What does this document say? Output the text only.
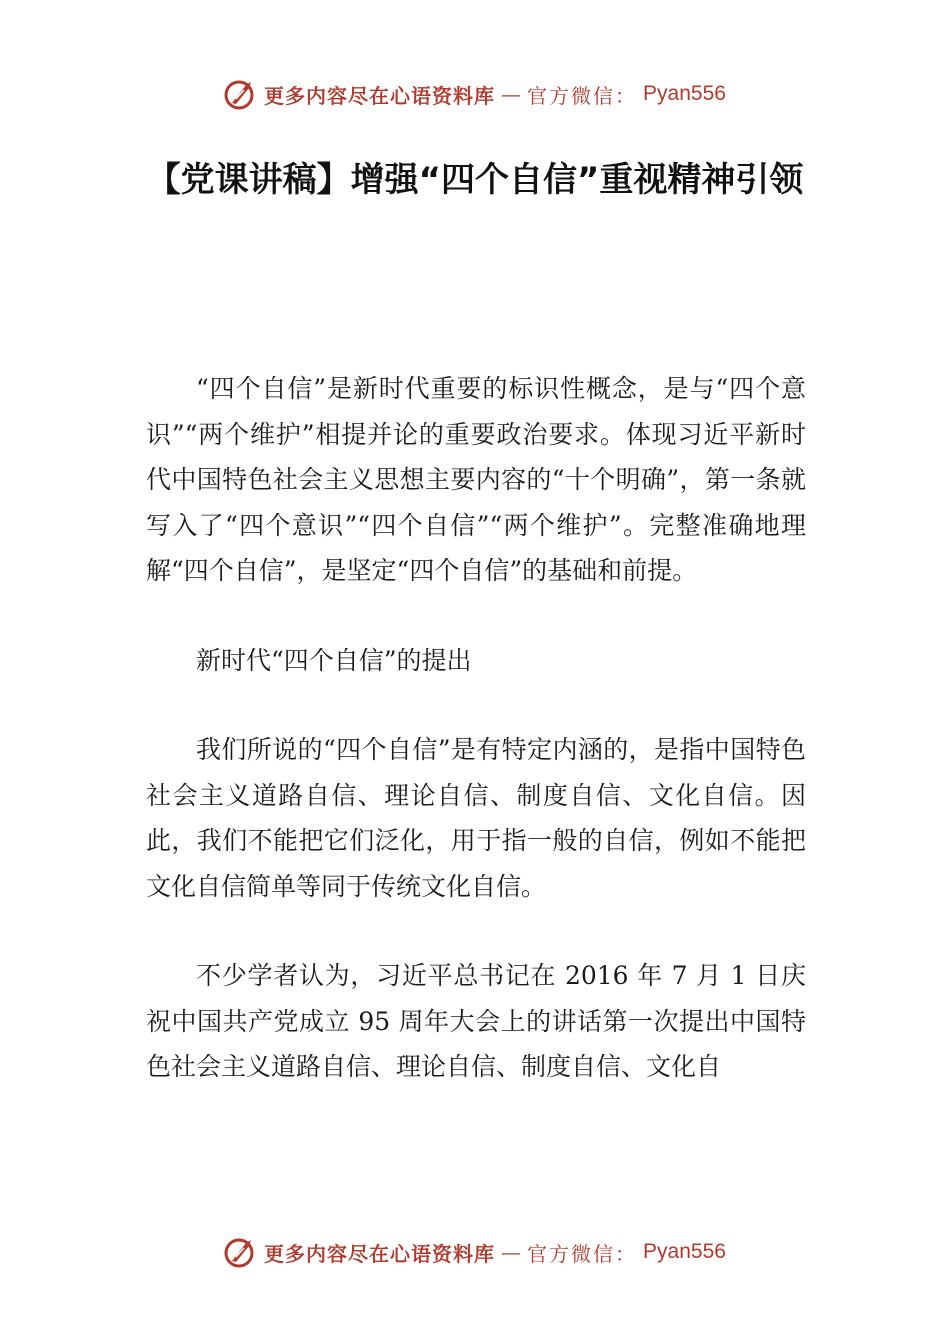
更多内容尽在心语资料库 — 官方微信： Pyan556
【党课讲稿】增强“四个自信”重视精神引领

“四个自信”是新时代重要的标识性概念，是与“四个意识”“两个维护”相提并论的重要政治要求。体现习近平新时代中国特色社会主义思想主要内容的“十个明确”，第一条就写入了“四个意识”“四个自信”“两个维护”。完整准确地理解“四个自信”，是坚定“四个自信”的基础和前提。

新时代“四个自信”的提出

我们所说的“四个自信”是有特定内涵的，是指中国特色社会主义道路自信、理论自信、制度自信、文化自信。因此，我们不能把它们泛化，用于指一般的自信，例如不能把文化自信简单等同于传统文化自信。

不少学者认为，习近平总书记在 2016 年 7 月 1 日庆祝中国共产党成立 95 周年大会上的讲话第一次提出中国特色社会主义道路自信、理论自信、制度自信、文化自

更多内容尽在心语资料库 — 官方微信： Pyan556
